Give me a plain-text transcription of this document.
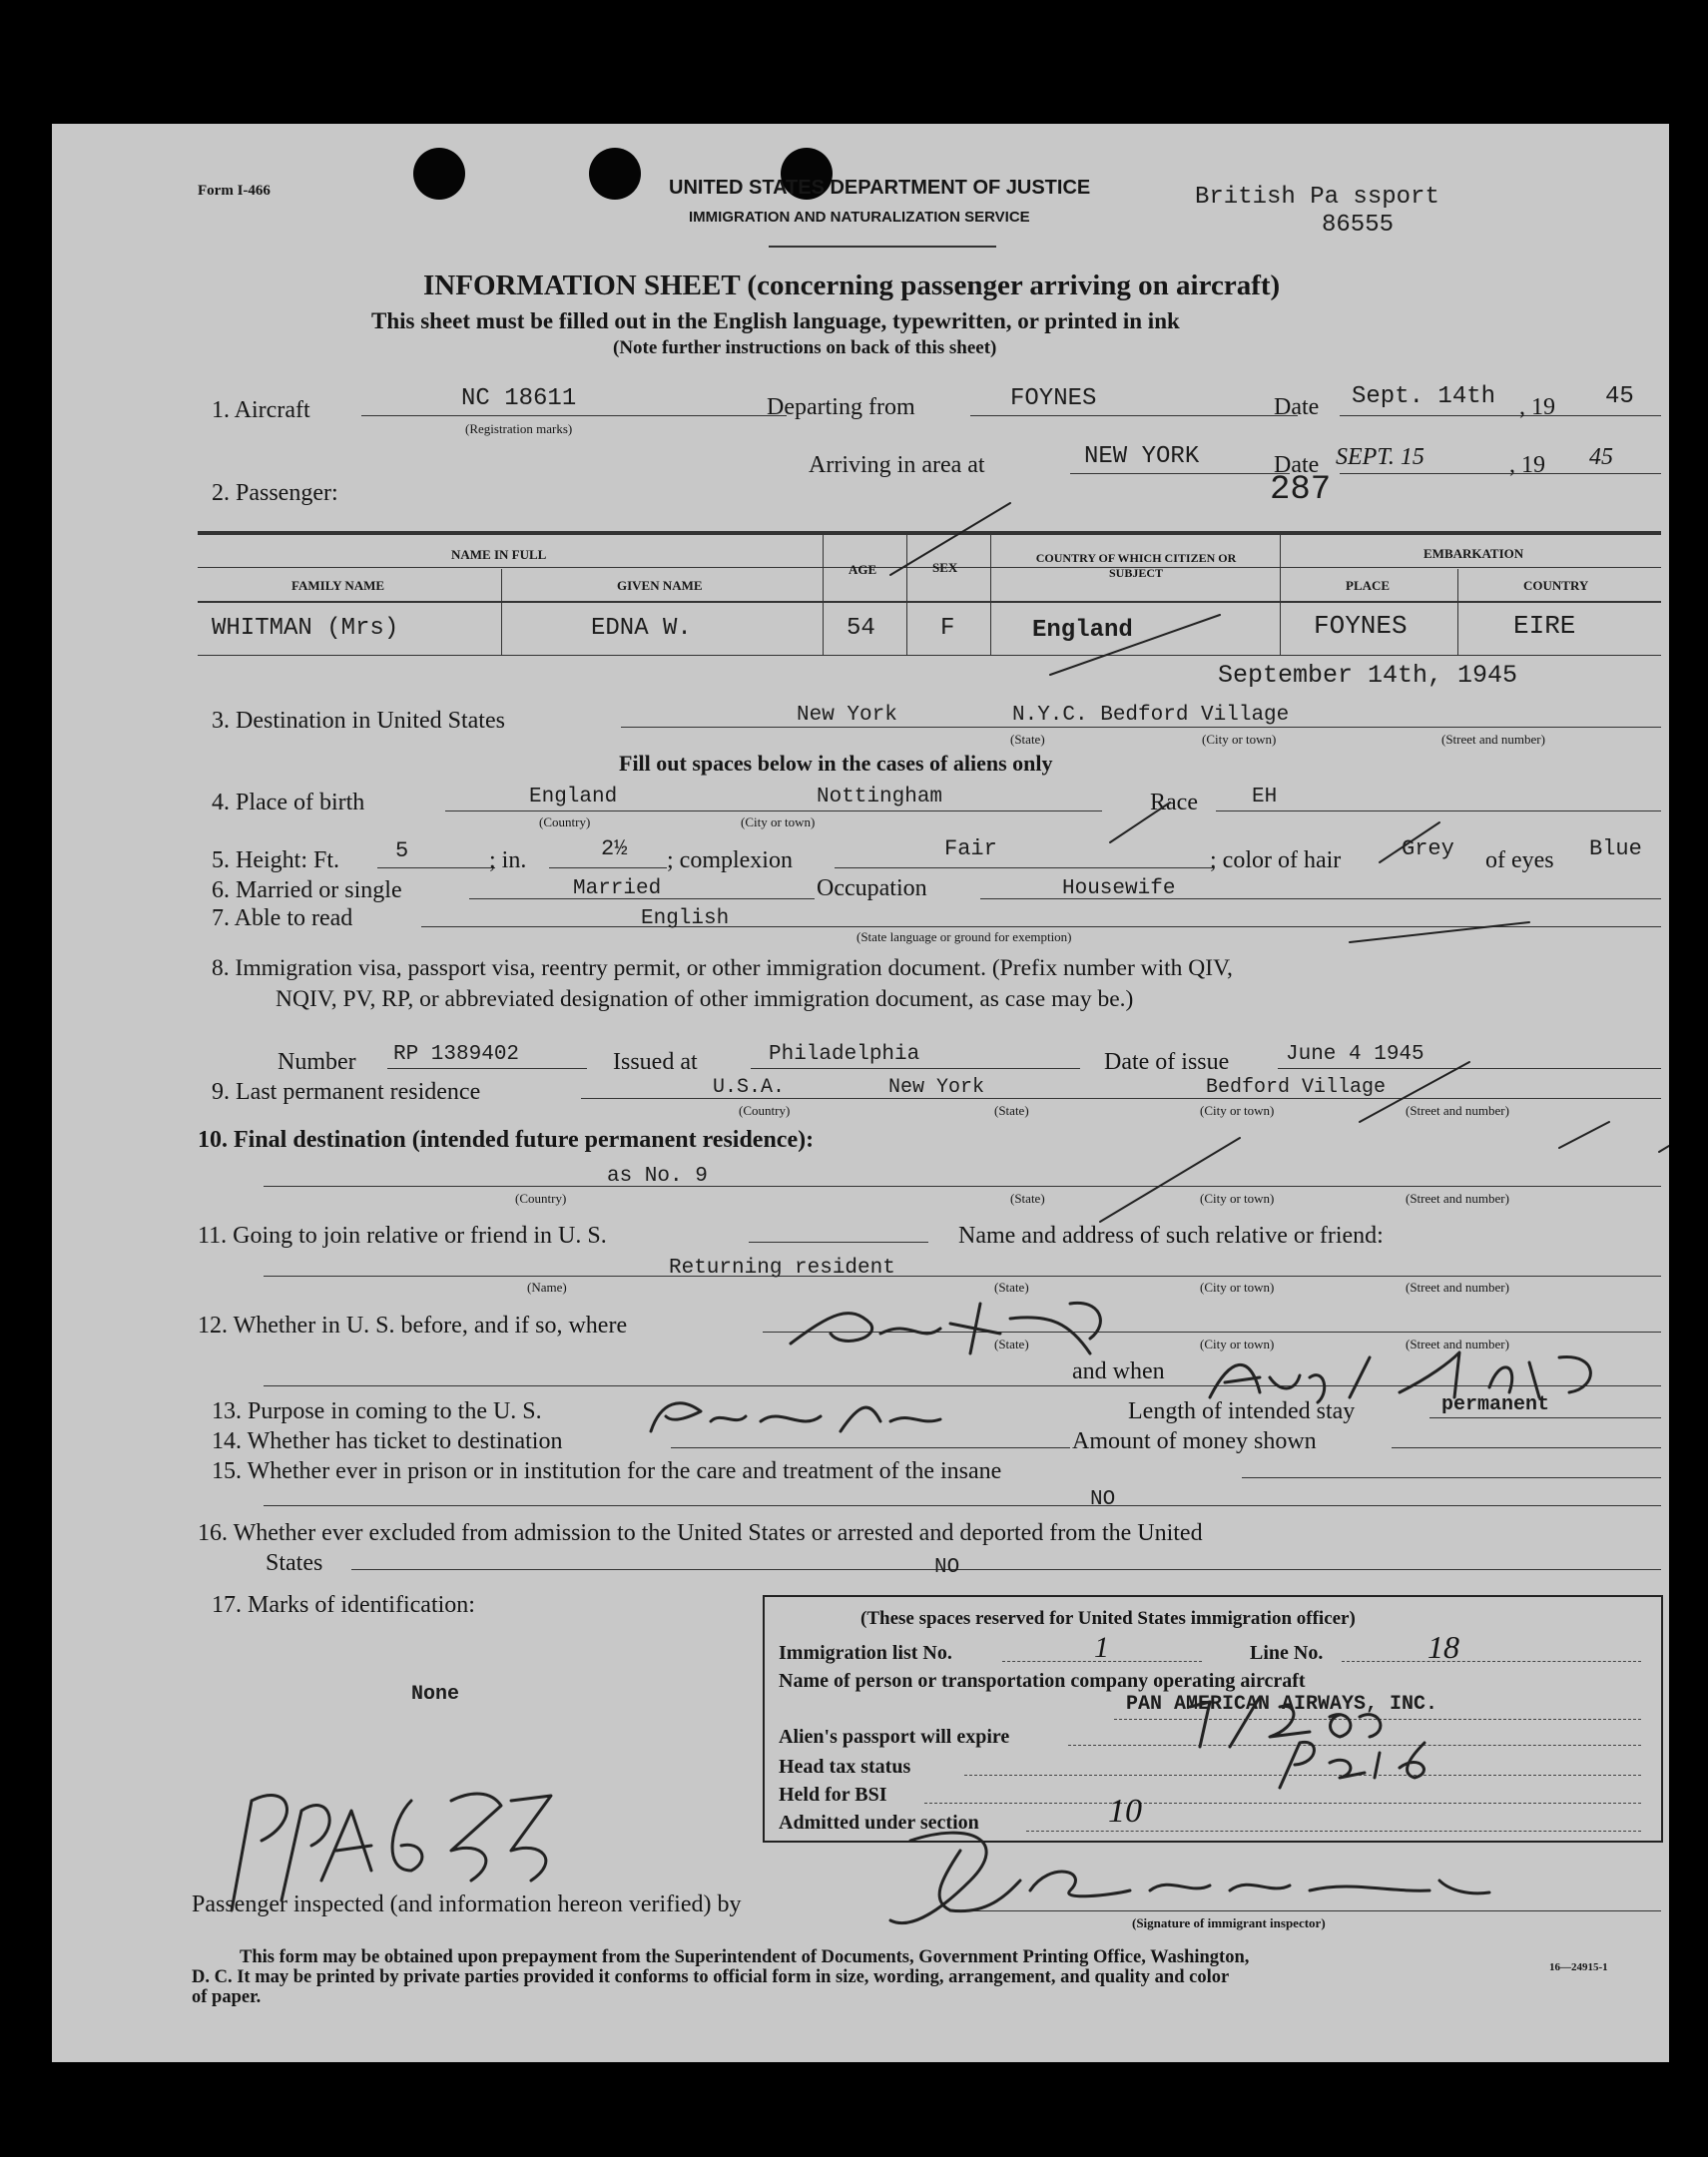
Form I-466	UNITED STATES DEPARTMENT OF JUSTICE
IMMIGRATION AND NATURALIZATION SERVICE
British Pa ssport
86555
INFORMATION SHEET (concerning passenger arriving on aircraft)
This sheet must be filled out in the English language, typewritten, or printed in ink
(Note further instructions on back of this sheet)
1. Aircraft	NC 18611
(Registration marks)
Departing from	FOYNES	Date Sept. 14th , 19 45
Arriving in area at	NEW YORK	Date SEPT. 15	, 19 45
287
2. Passenger:
NAME IN FULL
FAMILY NAME	GIVEN NAME
AGE	SEX
COUNTRY OF WHICH CITIZEN OR SUBJECT
EMBARKATION
PLACE	COUNTRY
WHITMAN (Mrs)	EDNA W.	54	F	England	FOYNES	EIRE
September 14th, 1945
3. Destination in United States	New York	N.Y.C. Bedford Village
(State)	(City or town)	(Street and number)
Fill out spaces below in the cases of aliens only
4. Place of birth	England	Nottingham
(Country)	(City or town)
Race	EH
5. Height: Ft.	5	; in.	2½ ; complexion	Fair	; color of hair	Grey of eyes Blue
6. Married or single	Married	Occupation	Housewife
7. Able to read	English
(State language or ground for exemption)
8. Immigration visa, passport visa, reentry permit, or other immigration document. (Prefix number with QIV,
NQIV, PV, RP, or abbreviated designation of other immigration document, as case may be.)
Number RP 1389402	Issued at	Philadelphia	Date of issue	June 4 1945
9. Last permanent residence	U.S.A.	New York	Bedford Village
(Country)	(State)	(City or town)	(Street and number)
10. Final destination (intended future permanent residence):
as No. 9
(Country)	(State)	(City or town)	(Street and number)
11. Going to join relative or friend in U. S.	Name and address of such relative or friend:
Returning resident
(Name)	(State)	(City or town)	(Street and number)
12. Whether in U. S. before, and if so, where
(State)	(City or town)	(Street and number)
and when
13. Purpose in coming to the U. S.	Length of intended stay	permanent
14. Whether has ticket to destination	Amount of money shown
15. Whether ever in prison or in institution for the care and treatment of the insane
NO
16. Whether ever excluded from admission to the United States or arrested and deported from the United
States	NO
17. Marks of identification:
None
(These spaces reserved for United States immigration officer)
Immigration list No.	1	Line No.	18
Name of person or transportation company operating aircraft
PAN AMERICAN AIRWAYS, INC.
Alien's passport will expire
Head tax status
Held for BSI
Admitted under section	10
Passenger inspected (and information hereon verified) by
(Signature of immigrant inspector)
This form may be obtained upon prepayment from the Superintendent of Documents, Government Printing Office, Washington,
D. C. It may be printed by private parties provided it conforms to official form in size, wording, arrangement, and quality and color
of paper.
16—24915-1
